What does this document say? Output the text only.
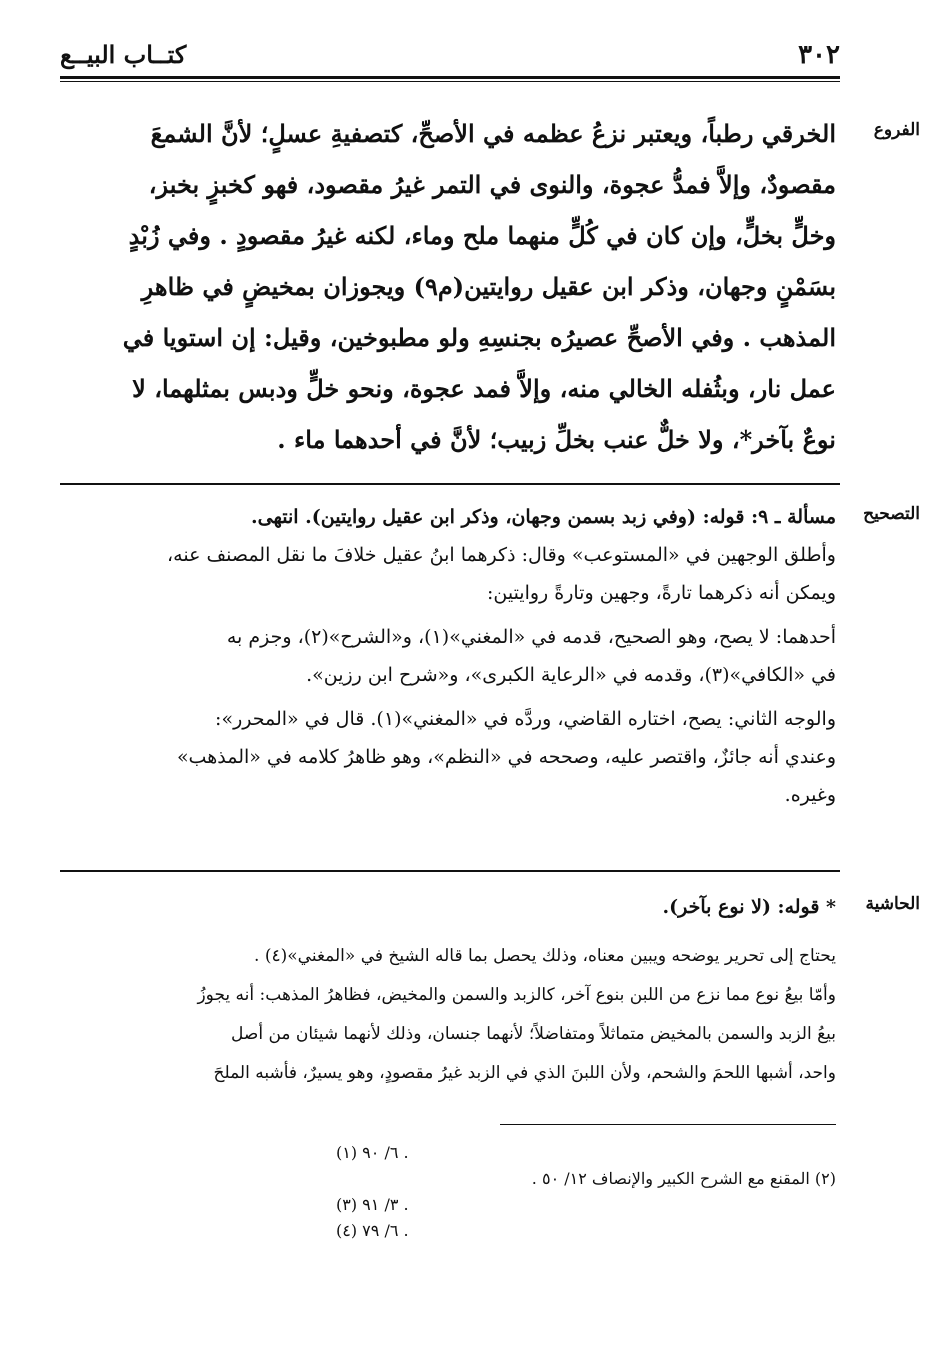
٣٠٢
كتــاب البيــع
الفروع
التصحيح
الحاشية
الخرقي رطباً، ويعتبر نزعُ عظمه في الأصحِّ، كتصفيةِ عسلٍ؛ لأنَّ الشمعَ
مقصودٌ، وإلاَّ فمدُّ عجوة، والنوى في التمر غيرُ مقصود، فهو كخبزٍ بخبز،
وخلٍّ بخلٍّ، وإن كان في كُلٍّ منهما ملح وماء، لكنه غيرُ مقصودٍ . وفي زُبْدٍ
بسَمْنٍ وجهان، وذكر ابن عقيل روايتين(م٩) ويجوزان بمخيضٍ في ظاهرِ
المذهب . وفي الأصحِّ عصيرُه بجنسِهِ ولو مطبوخين، وقيل: إن استويا في
عمل نار، وبثُفله الخالي منه، وإلاَّ فمد عجوة، ونحو خلٍّ ودبس بمثلهما، لا
نوعٌ بآخر*، ولا خلٌّ عنب بخلِّ زبيب؛ لأنَّ في أحدهما ماء .
مسألة ـ ٩: قوله: (وفي زبد بسمن وجهان، وذكر ابن عقيل روايتين). انتهى.
وأطلق الوجهين في «المستوعب» وقال: ذكرهما ابنُ عقيل خلافَ ما نقل المصنف عنه،
ويمكن أنه ذكرهما تارةً، وجهين وتارةً روايتين:
أحدهما: لا يصح، وهو الصحيح، قدمه في «المغني»(١)، و«الشرح»(٢)، وجزم به
في «الكافي»(٣)، وقدمه في «الرعاية الكبرى»، و«شرح ابن رزين».
والوجه الثاني: يصح، اختاره القاضي، وردَّه في «المغني»(١). قال في «المحرر»:
وعندي أنه جائزٌ، واقتصر عليه، وصححه في «النظم»، وهو ظاهرُ كلامه في «المذهب»
وغيره.
* قوله: (لا نوع بآخر).
يحتاج إلى تحرير يوضحه ويبين معناه، وذلك يحصل بما قاله الشيخ في «المغني»(٤) .
وأمّا بيعُ نوع مما نزع من اللبن بنوع آخر، كالزبد والسمن والمخيض، فظاهرُ المذهب: أنه يجوزُ
بيعُ الزبد والسمن بالمخيض متماثلاً ومتفاضلاً؛ لأنهما جنسان، وذلك لأنهما شيئان من أصل
واحد، أشبها اللحمَ والشحم، ولأن اللبنَ الذي في الزبد غيرُ مقصودٍ، وهو يسيرٌ، فأشبه الملحَ
(١) ٦/ ٩٠ .
(٢) المقنع مع الشرح الكبير والإنصاف ١٢/ ٥٠ .
(٣) ٣/ ٩١ .
(٤) ٦/ ٧٩ .
